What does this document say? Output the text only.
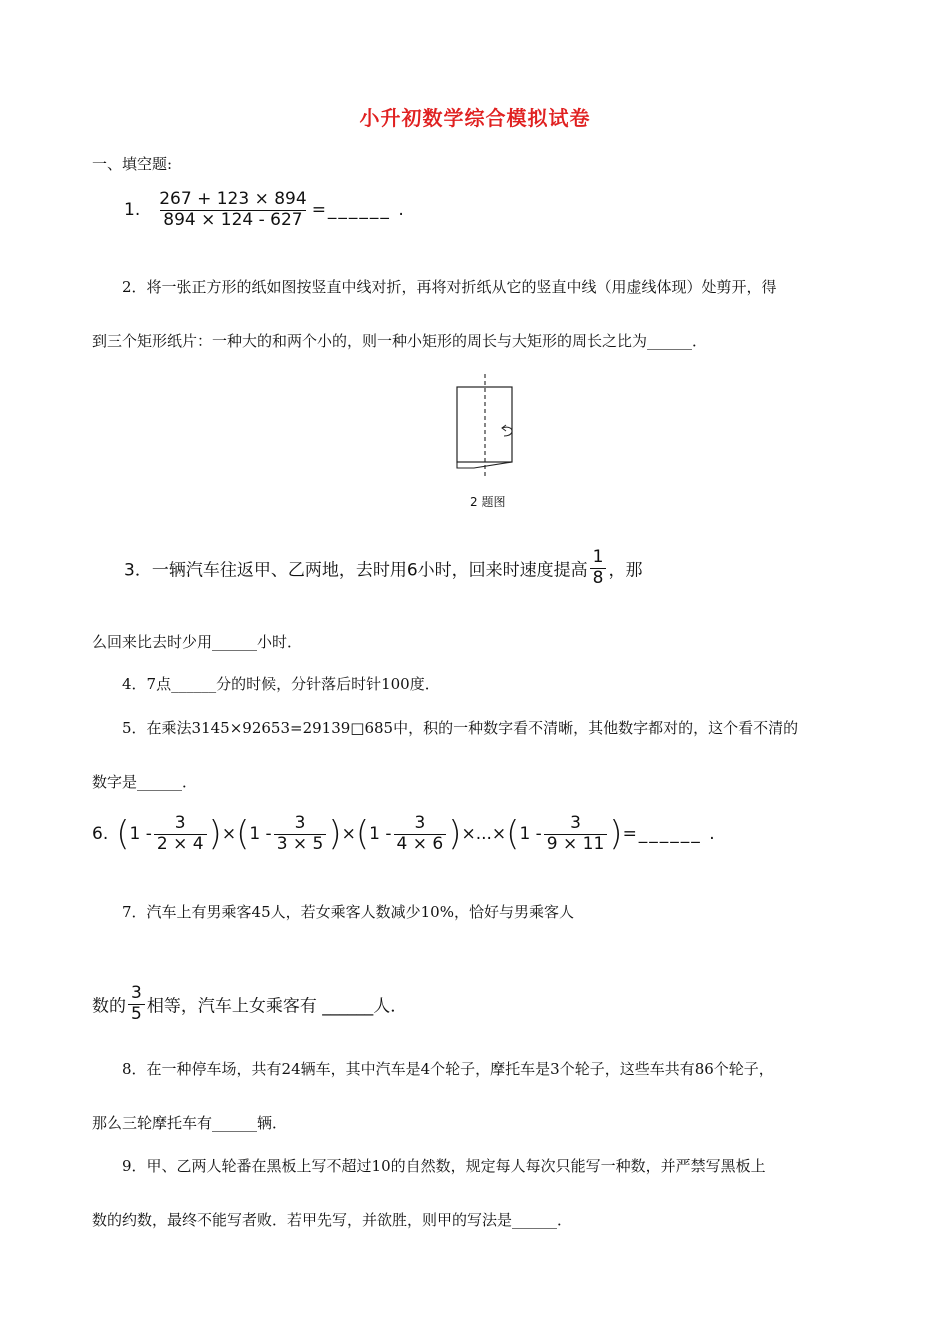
小升初数学综合模拟试卷
一、填空题:
1. $\frac{267 + 123 \times 894}{894 \times 124 - 627}$ =______ .
2．将一张正方形的纸如图按竖直中线对折，再将对折纸从它的竖直中线（用虚线体现）处剪开，得
到三个矩形纸片：一种大的和两个小的，则一种小矩形的周长与大矩形的周长之比为______．
2 题图
3．一辆汽车往返甲、乙两地，去时用6小时，回来时速度提高 $\frac{1}{8}$ ，那
么回来比去时少用______小时．
4．7点______分的时候，分针落后时针100度．
5．在乘法3145×92653=29139□685中，积的一种数字看不清晰，其他数字都对的，这个看不清的
数字是______．
6. $(1 - \frac{3}{2 \times 4} )\times(1 - \frac{3}{3 \times 5} )\times(1 - \frac{3}{4 \times 6} )\times...\times(1 - \frac{3}{9 \times 11}$ )=______ .
7．汽车上有男乘客45人，若女乘客人数减少10%，恰好与男乘客人
数的 $\frac{3}{5}$ 相等，汽车上女乘客有 ______人．
8．在一种停车场，共有24辆车，其中汽车是4个轮子，摩托车是3个轮子，这些车共有86个轮子，
那么三轮摩托车有______辆．
9．甲、乙两人轮番在黑板上写不超过10的自然数，规定每人每次只能写一种数，并严禁写黑板上
数的约数，最终不能写者败．若甲先写，并欲胜，则甲的写法是______．
